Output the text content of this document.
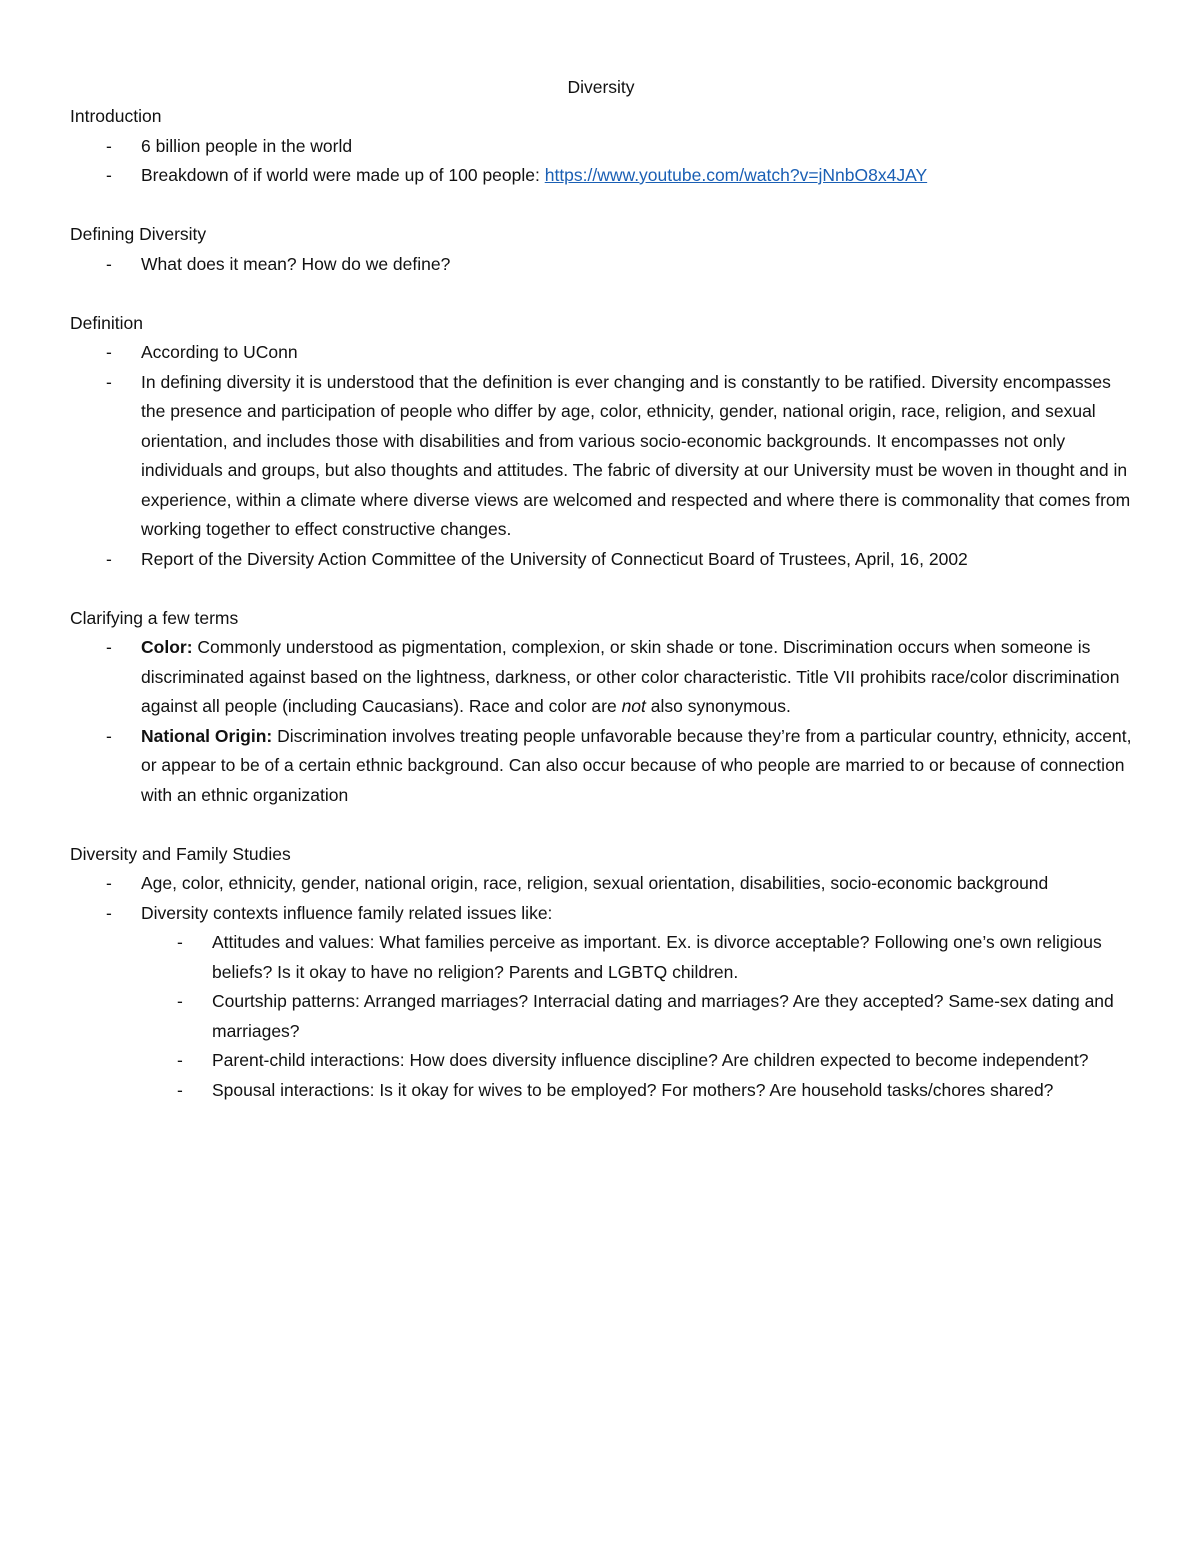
Diversity

Introduction

- 6 billion people in the world
- Breakdown of if world were made up of 100 people: https://www.youtube.com/watch?v=jNnbO8x4JAY

Defining Diversity

- What does it mean? How do we define?

Definition

- According to UConn
- In defining diversity it is understood that the definition is ever changing and is constantly to be ratified. Diversity encompasses the presence and participation of people who differ by age, color, ethnicity, gender, national origin, race, religion, and sexual orientation, and includes those with disabilities and from various socio-economic backgrounds. It encompasses not only individuals and groups, but also thoughts and attitudes. The fabric of diversity at our University must be woven in thought and in experience, within a climate where diverse views are welcomed and respected and where there is commonality that comes from working together to effect constructive changes.
- Report of the Diversity Action Committee of the University of Connecticut Board of Trustees, April, 16, 2002

Clarifying a few terms

- Color: Commonly understood as pigmentation, complexion, or skin shade or tone. Discrimination occurs when someone is discriminated against based on the lightness, darkness, or other color characteristic. Title VII prohibits race/color discrimination against all people (including Caucasians). Race and color are not also synonymous.
- National Origin: Discrimination involves treating people unfavorable because they’re from a particular country, ethnicity, accent, or appear to be of a certain ethnic background. Can also occur because of who people are married to or because of connection with an ethnic organization

Diversity and Family Studies

- Age, color, ethnicity, gender, national origin, race, religion, sexual orientation, disabilities, socio-economic background
- Diversity contexts influence family related issues like:
- Attitudes and values: What families perceive as important. Ex. is divorce acceptable? Following one’s own religious beliefs? Is it okay to have no religion? Parents and LGBTQ children.
- Courtship patterns: Arranged marriages? Interracial dating and marriages? Are they accepted? Same-sex dating and marriages?
- Parent-child interactions: How does diversity influence discipline? Are children expected to become independent?
- Spousal interactions: Is it okay for wives to be employed? For mothers? Are household tasks/chores shared?
